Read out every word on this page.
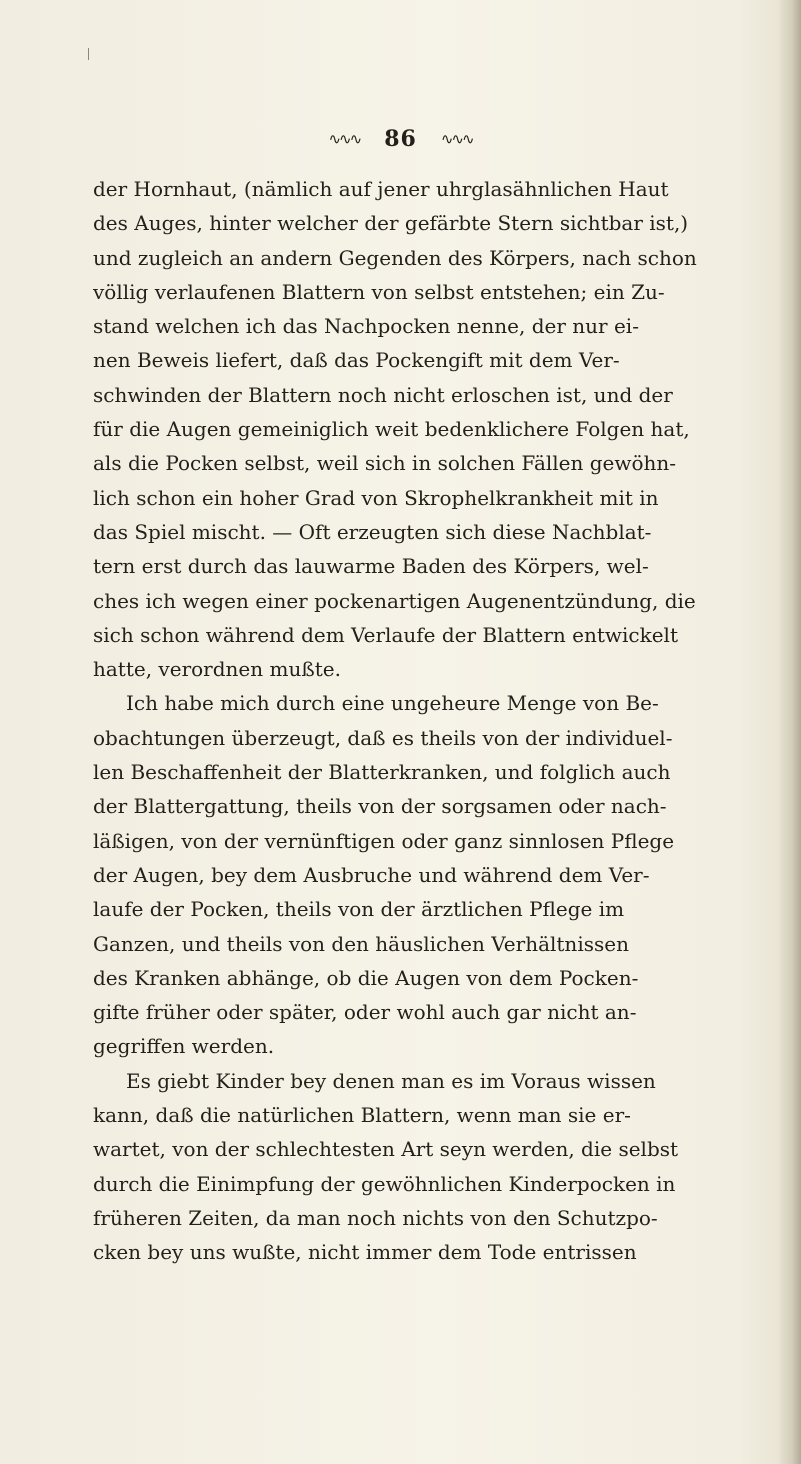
∿∿∿ 86 ∿∿∿
der Hornhaut, (nämlich auf jener uhrglasähnlichen Haut
des Auges, hinter welcher der gefärbte Stern sichtbar ist,)
und zugleich an andern Gegenden des Körpers, nach schon
völlig verlaufenen Blattern von selbst entstehen; ein Zu-
stand welchen ich das Nachpocken nenne, der nur ei-
nen Beweis liefert, daß das Pockengift mit dem Ver-
schwinden der Blattern noch nicht erloschen ist, und der
für die Augen gemeiniglich weit bedenklichere Folgen hat,
als die Pocken selbst, weil sich in solchen Fällen gewöhn-
lich schon ein hoher Grad von Skrophelkrankheit mit in
das Spiel mischt. — Oft erzeugten sich diese Nachblat-
tern erst durch das lauwarme Baden des Körpers, wel-
ches ich wegen einer pockenartigen Augenentzündung, die
sich schon während dem Verlaufe der Blattern entwickelt
hatte, verordnen mußte.
Ich habe mich durch eine ungeheure Menge von Be-
obachtungen überzeugt, daß es theils von der individuel-
len Beschaffenheit der Blatterkranken, und folglich auch
der Blattergattung, theils von der sorgsamen oder nach-
läßigen, von der vernünftigen oder ganz sinnlosen Pflege
der Augen, bey dem Ausbruche und während dem Ver-
laufe der Pocken, theils von der ärztlichen Pflege im
Ganzen, und theils von den häuslichen Verhältnissen
des Kranken abhänge, ob die Augen von dem Pocken-
gifte früher oder später, oder wohl auch gar nicht an-
gegriffen werden.
Es giebt Kinder bey denen man es im Voraus wissen
kann, daß die natürlichen Blattern, wenn man sie er-
wartet, von der schlechtesten Art seyn werden, die selbst
durch die Einimpfung der gewöhnlichen Kinderpocken in
früheren Zeiten, da man noch nichts von den Schutzpo-
cken bey uns wußte, nicht immer dem Tode entrissen
